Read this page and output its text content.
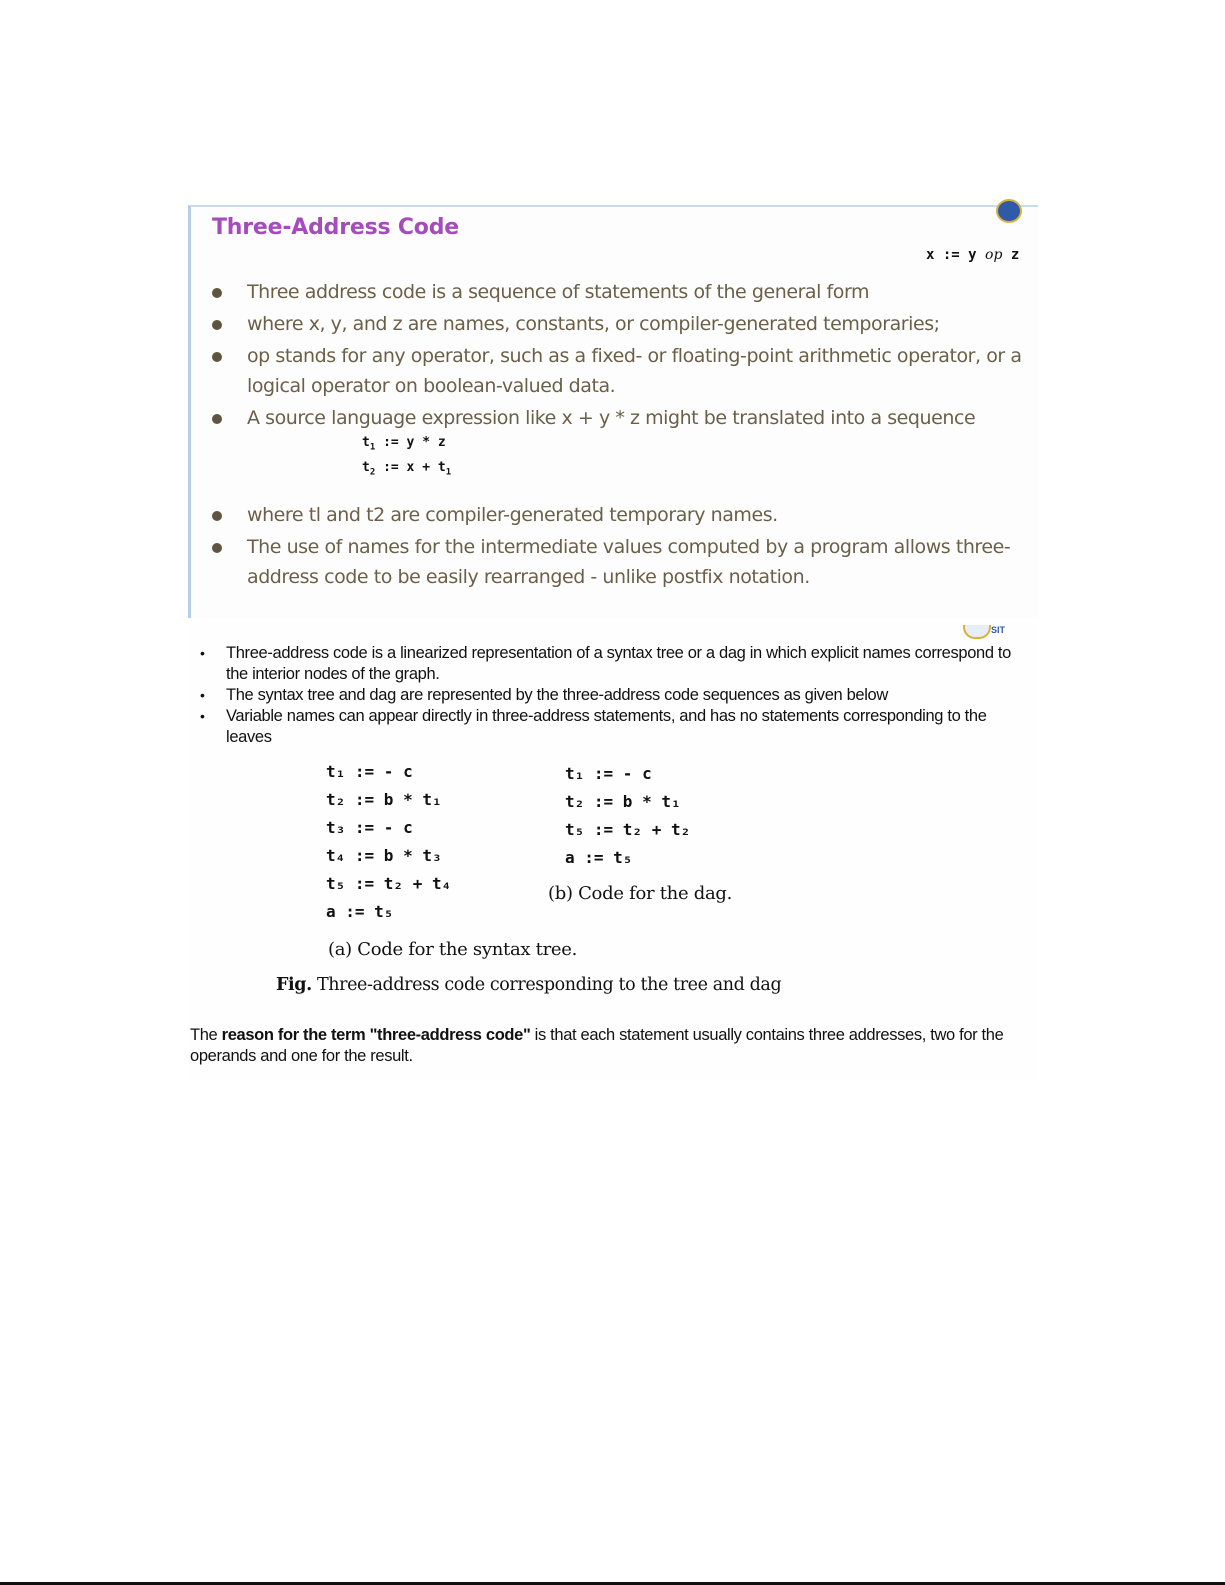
Three-Address Code
x := y op z
Three address code is a sequence of statements of the general form
where x, y, and z are names, constants, or compiler-generated temporaries;
op stands for any operator, such as a fixed- or floating-point arithmetic operator, or a logical operator on boolean-valued data.
A source language expression like x + y * z might be translated into a sequence
$t_1$ := y * z
$t_2$ := $x + t_1$
where tl and t2 are compiler-generated temporary names.
The use of names for the intermediate values computed by a program allows three-address code to be easily rearranged - unlike postfix notation.
SIT
• Three-address code is a linearized representation of a syntax tree or a dag in which explicit names correspond to the interior nodes of the graph.
• The syntax tree and dag are represented by the three-address code sequences as given below
• Variable names can appear directly in three-address statements, and has no statements corresponding to the leaves
t₁ := - c
t₂ := b * t₁
t₃ := - c
t₄ := b * t₃
t₅ := t₂ + t₄
a := t₅
t₁ := - c
t₂ := b * t₁
t₅ := t₂ + t₂
a := t₅
(b) Code for the dag.
(a) Code for the syntax tree.
Fig. Three-address code corresponding to the tree and dag
The reason for the term "three-address code" is that each statement usually contains three addresses, two for the operands and one for the result.
